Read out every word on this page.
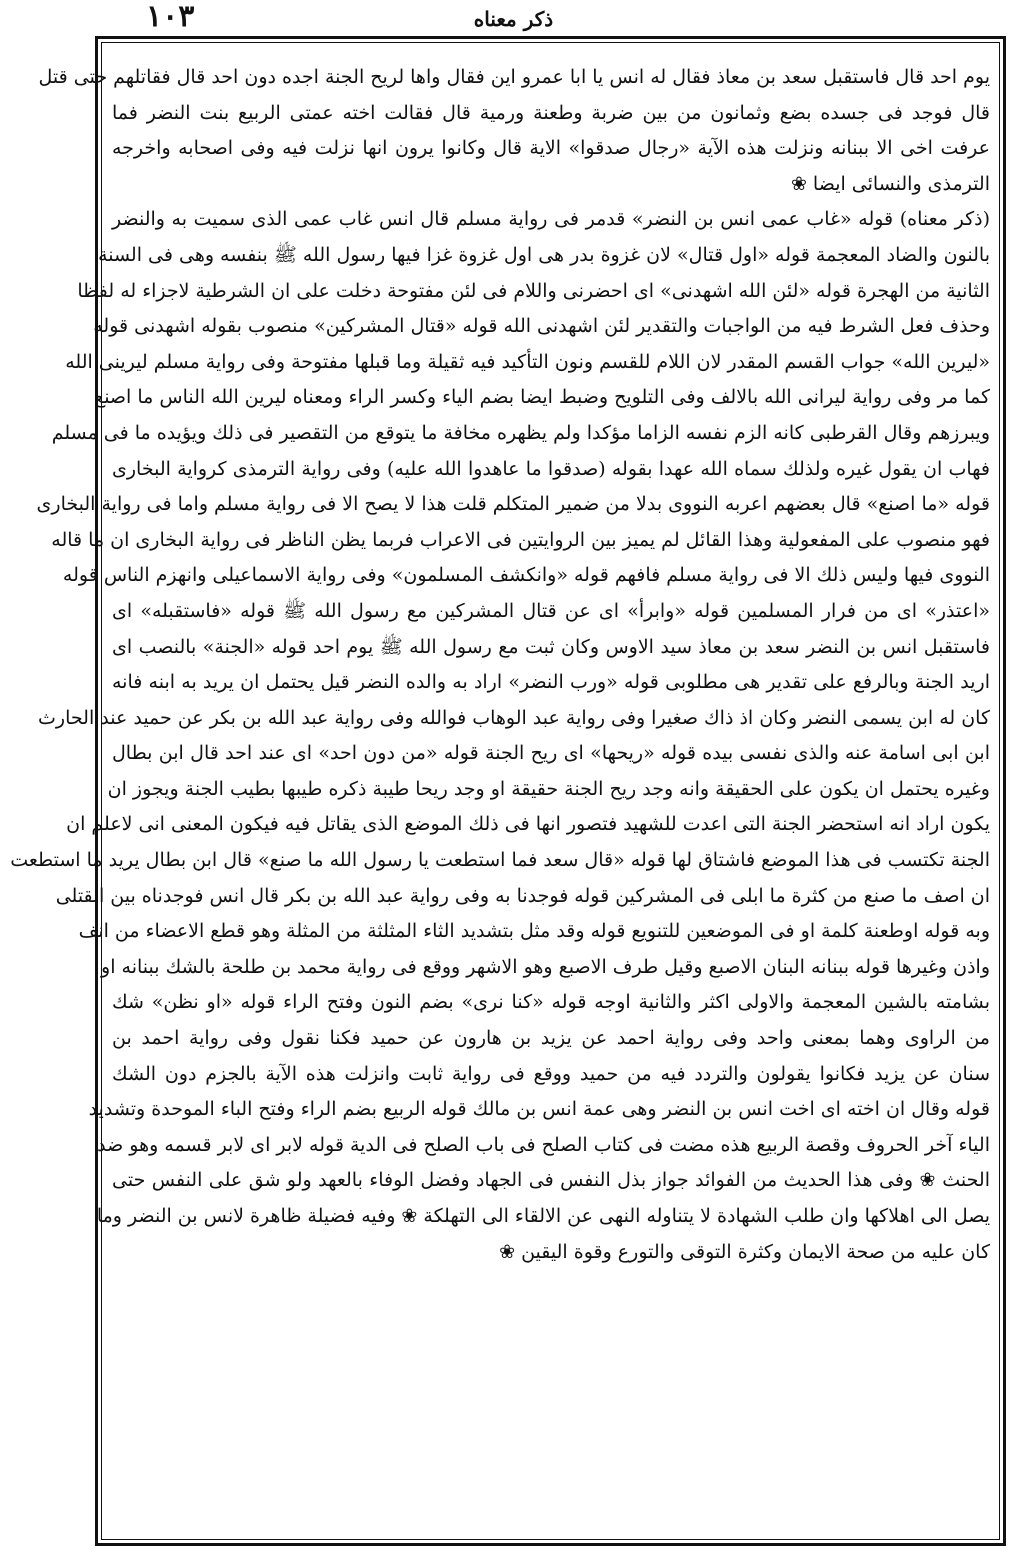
١٠٣	ذكر معناه
يوم احد قال فاستقبل سعد بن معاذ فقال له انس يا ابا عمرو اين فقال واها لريح الجنة اجده دون احد قال فقاتلهم حتى قتل
قال فوجد فى جسده بضع وثمانون من بين ضربة وطعنة ورمية قال فقالت اخته عمتى الربيع بنت النضر فما
عرفت اخى الا ببنانه ونزلت هذه الآية «رجال صدقوا» الاية قال وكانوا يرون انها نزلت فيه وفى اصحابه واخرجه
الترمذى والنسائى ايضا ❀
(ذكر معناه) قوله «غاب عمى انس بن النضر» قدمر فى رواية مسلم قال انس غاب عمى الذى سميت به والنضر
بالنون والضاد المعجمة قوله «اول قتال» لان غزوة بدر هى اول غزوة غزا فيها رسول الله ﷺ بنفسه وهى فى السنة
الثانية من الهجرة قوله «لئن الله اشهدنى» اى احضرنى واللام فى لئن مفتوحة دخلت على ان الشرطية لاجزاء له لفظا
وحذف فعل الشرط فيه من الواجبات والتقدير لئن اشهدنى الله قوله «قتال المشركين» منصوب بقوله اشهدنى قوله
«ليرين الله» جواب القسم المقدر لان اللام للقسم ونون التأكيد فيه ثقيلة وما قبلها مفتوحة وفى رواية مسلم ليرينى الله
كما مر وفى رواية ليرانى الله بالالف وفى التلويح وضبط ايضا بضم الياء وكسر الراء ومعناه ليرين الله الناس ما اصنع
ويبرزهم وقال القرطبى كانه الزم نفسه الزاما مؤكدا ولم يظهره مخافة ما يتوقع من التقصير فى ذلك ويؤيده ما فى مسلم
فهاب ان يقول غيره ولذلك سماه الله عهدا بقوله (صدقوا ما عاهدوا الله عليه) وفى رواية الترمذى كرواية البخارى
قوله «ما اصنع» قال بعضهم اعربه النووى بدلا من ضمير المتكلم قلت هذا لا يصح الا فى رواية مسلم واما فى رواية البخارى
فهو منصوب على المفعولية وهذا القائل لم يميز بين الروايتين فى الاعراب فربما يظن الناظر فى رواية البخارى ان ما قاله
النووى فيها وليس ذلك الا فى رواية مسلم فافهم قوله «وانكشف المسلمون» وفى رواية الاسماعيلى وانهزم الناس قوله
«اعتذر» اى من فرار المسلمين قوله «وابرأ» اى عن قتال المشركين مع رسول الله ﷺ قوله «فاستقبله» اى
فاستقبل انس بن النضر سعد بن معاذ سيد الاوس وكان ثبت مع رسول الله ﷺ يوم احد قوله «الجنة» بالنصب اى
اريد الجنة وبالرفع على تقدير هى مطلوبى قوله «ورب النضر» اراد به والده النضر قيل يحتمل ان يريد به ابنه فانه
كان له ابن يسمى النضر وكان اذ ذاك صغيرا وفى رواية عبد الوهاب فوالله وفى رواية عبد الله بن بكر عن حميد عند الحارث
ابن ابى اسامة عنه والذى نفسى بيده قوله «ريحها» اى ريح الجنة قوله «من دون احد» اى عند احد قال ابن بطال
وغيره يحتمل ان يكون على الحقيقة وانه وجد ريح الجنة حقيقة او وجد ريحا طيبة ذكره طيبها بطيب الجنة ويجوز ان
يكون اراد انه استحضر الجنة التى اعدت للشهيد فتصور انها فى ذلك الموضع الذى يقاتل فيه فيكون المعنى انى لاعلم ان
الجنة تكتسب فى هذا الموضع فاشتاق لها قوله «قال سعد فما استطعت يا رسول الله ما صنع» قال ابن بطال يريد ما استطعت
ان اصف ما صنع من كثرة ما ابلى فى المشركين قوله فوجدنا به وفى رواية عبد الله بن بكر قال انس فوجدناه بين القتلى
وبه قوله اوطعنة كلمة او فى الموضعين للتنويع قوله وقد مثل بتشديد الثاء المثلثة من المثلة وهو قطع الاعضاء من انف
واذن وغيرها قوله ببنانه البنان الاصبع وقيل طرف الاصبع وهو الاشهر ووقع فى رواية محمد بن طلحة بالشك ببنانه او
بشامته بالشين المعجمة والاولى اكثر والثانية اوجه قوله «كنا نرى» بضم النون وفتح الراء قوله «او نظن» شك
من الراوى وهما بمعنى واحد وفى رواية احمد عن يزيد بن هارون عن حميد فكنا نقول وفى رواية احمد بن
سنان عن يزيد فكانوا يقولون والتردد فيه من حميد ووقع فى رواية ثابت وانزلت هذه الآية بالجزم دون الشك
قوله وقال ان اخته اى اخت انس بن النضر وهى عمة انس بن مالك قوله الربيع بضم الراء وفتح الباء الموحدة وتشديد
الياء آخر الحروف وقصة الربيع هذه مضت فى كتاب الصلح فى باب الصلح فى الدية قوله لابر اى لابر قسمه وهو ضد
الحنث ❀ وفى هذا الحديث من الفوائد جواز بذل النفس فى الجهاد وفضل الوفاء بالعهد ولو شق على النفس حتى
يصل الى اهلاكها وان طلب الشهادة لا يتناوله النهى عن الالقاء الى التهلكة ❀ وفيه فضيلة ظاهرة لانس بن النضر وما
كان عليه من صحة الايمان وكثرة التوقى والتورع وقوة اليقين ❀
